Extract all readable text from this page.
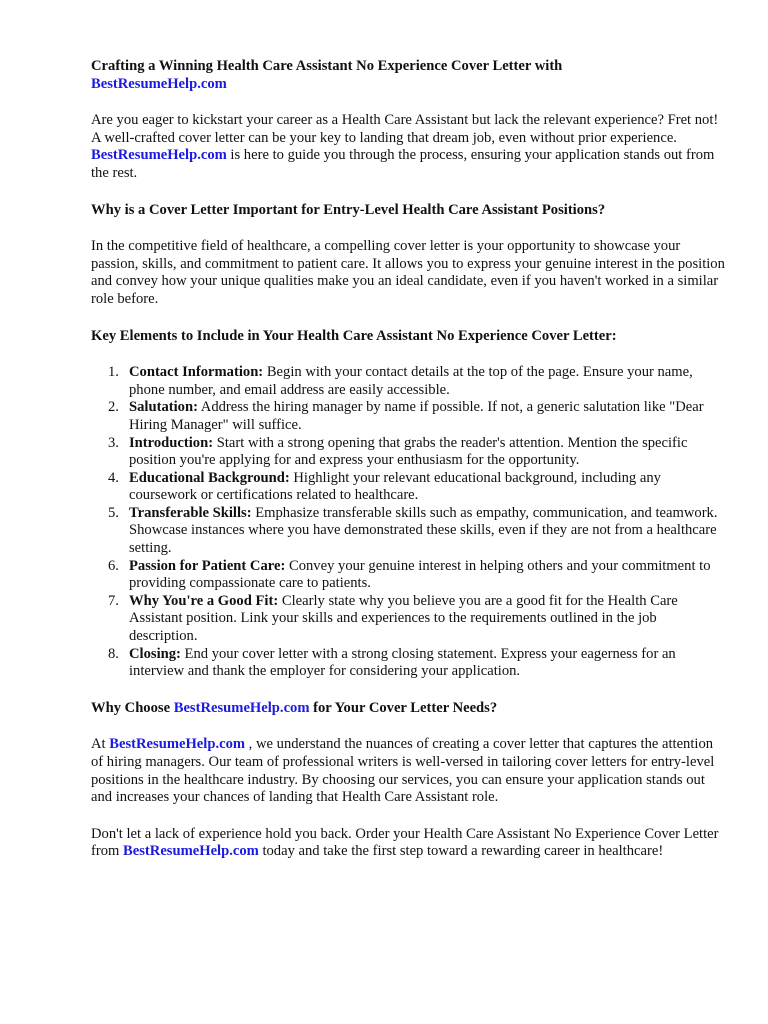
Crafting a Winning Health Care Assistant No Experience Cover Letter with
BestResumeHelp.com

Are you eager to kickstart your career as a Health Care Assistant but lack the relevant experience? Fret not! A well-crafted cover letter can be your key to landing that dream job, even without prior experience. BestResumeHelp.com is here to guide you through the process, ensuring your application stands out from the rest.

Why is a Cover Letter Important for Entry-Level Health Care Assistant Positions?

In the competitive field of healthcare, a compelling cover letter is your opportunity to showcase your passion, skills, and commitment to patient care. It allows you to express your genuine interest in the position and convey how your unique qualities make you an ideal candidate, even if you haven't worked in a similar role before.

Key Elements to Include in Your Health Care Assistant No Experience Cover Letter:

1. Contact Information: Begin with your contact details at the top of the page. Ensure your name, phone number, and email address are easily accessible.
2. Salutation: Address the hiring manager by name if possible. If not, a generic salutation like "Dear Hiring Manager" will suffice.
3. Introduction: Start with a strong opening that grabs the reader's attention. Mention the specific position you're applying for and express your enthusiasm for the opportunity.
4. Educational Background: Highlight your relevant educational background, including any coursework or certifications related to healthcare.
5. Transferable Skills: Emphasize transferable skills such as empathy, communication, and teamwork. Showcase instances where you have demonstrated these skills, even if they are not from a healthcare setting.
6. Passion for Patient Care: Convey your genuine interest in helping others and your commitment to providing compassionate care to patients.
7. Why You're a Good Fit: Clearly state why you believe you are a good fit for the Health Care Assistant position. Link your skills and experiences to the requirements outlined in the job description.
8. Closing: End your cover letter with a strong closing statement. Express your eagerness for an interview and thank the employer for considering your application.

Why Choose BestResumeHelp.com for Your Cover Letter Needs?

At BestResumeHelp.com , we understand the nuances of creating a cover letter that captures the attention of hiring managers. Our team of professional writers is well-versed in tailoring cover letters for entry-level positions in the healthcare industry. By choosing our services, you can ensure your application stands out and increases your chances of landing that Health Care Assistant role.

Don't let a lack of experience hold you back. Order your Health Care Assistant No Experience Cover Letter from BestResumeHelp.com today and take the first step toward a rewarding career in healthcare!
